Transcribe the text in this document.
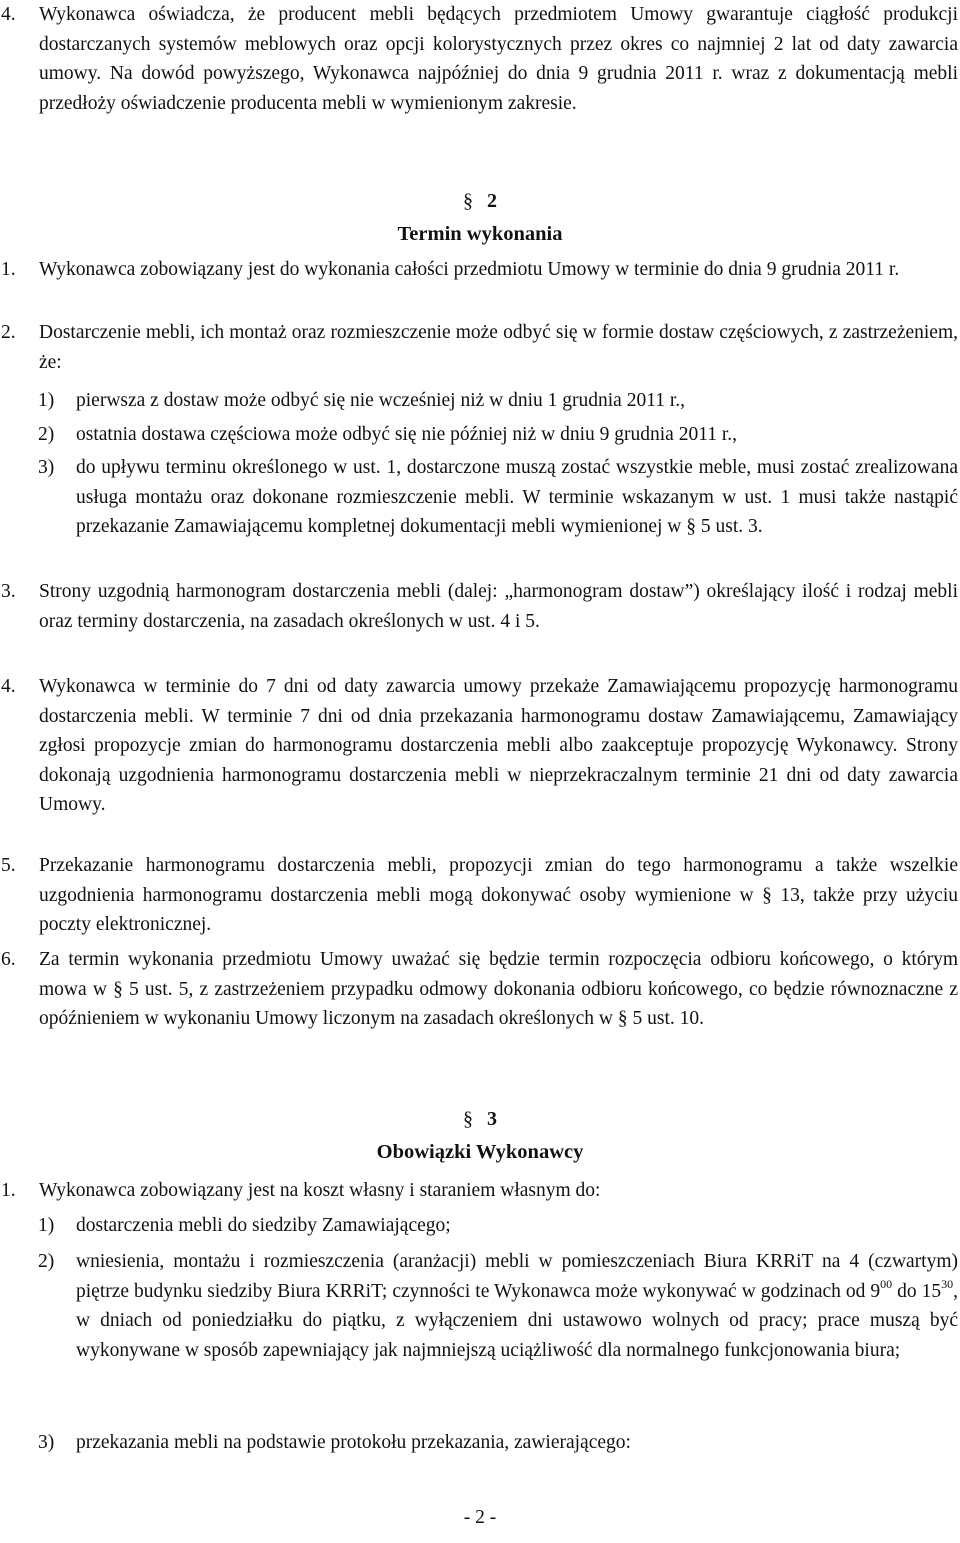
4.	Wykonawca oświadcza, że producent mebli będących przedmiotem Umowy gwarantuje ciągłość produkcji dostarczanych systemów meblowych oraz opcji kolorystycznych przez okres co najmniej 2 lat od daty zawarcia umowy. Na dowód powyższego, Wykonawca najpóźniej do dnia 9 grudnia 2011 r. wraz z dokumentacją mebli przedłoży oświadczenie producenta mebli w wymienionym zakresie.
§ 2
Termin wykonania
1.	Wykonawca zobowiązany jest do wykonania całości przedmiotu Umowy w terminie do dnia 9 grudnia 2011 r.
2.	Dostarczenie mebli, ich montaż oraz rozmieszczenie może odbyć się w formie dostaw częściowych, z zastrzeżeniem, że:
1)	pierwsza z dostaw może odbyć się nie wcześniej niż w dniu 1 grudnia 2011 r.,
2)	ostatnia dostawa częściowa może odbyć się nie później niż w dniu 9 grudnia 2011 r.,
3)	do upływu terminu określonego w ust. 1, dostarczone muszą zostać wszystkie meble, musi zostać zrealizowana usługa montażu oraz dokonane rozmieszczenie mebli. W terminie wskazanym w ust. 1 musi także nastąpić przekazanie Zamawiającemu kompletnej dokumentacji mebli wymienionej w § 5 ust. 3.
3.	Strony uzgodnią harmonogram dostarczenia mebli (dalej: „harmonogram dostaw”) określający ilość i rodzaj mebli oraz terminy dostarczenia, na zasadach określonych w ust. 4 i 5.
4.	Wykonawca w terminie do 7 dni od daty zawarcia umowy przekaże Zamawiającemu propozycję harmonogramu dostarczenia mebli. W terminie 7 dni od dnia przekazania harmonogramu dostaw Zamawiającemu, Zamawiający zgłosi propozycje zmian do harmonogramu dostarczenia mebli albo zaakceptuje propozycję Wykonawcy. Strony dokonają uzgodnienia harmonogramu dostarczenia mebli w nieprzekraczalnym terminie 21 dni od daty zawarcia Umowy.
5.	Przekazanie harmonogramu dostarczenia mebli, propozycji zmian do tego harmonogramu a także wszelkie uzgodnienia harmonogramu dostarczenia mebli mogą dokonywać osoby wymienione w § 13, także przy użyciu poczty elektronicznej.
6.	Za termin wykonania przedmiotu Umowy uważać się będzie termin rozpoczęcia odbioru końcowego, o którym mowa w § 5 ust. 5, z zastrzeżeniem przypadku odmowy dokonania odbioru końcowego, co będzie równoznaczne z opóźnieniem w wykonaniu Umowy liczonym na zasadach określonych w § 5 ust. 10.
§ 3
Obowiązki Wykonawcy
1.	Wykonawca zobowiązany jest na koszt własny i staraniem własnym do:
1)	dostarczenia mebli do siedziby Zamawiającego;
2)	wniesienia, montażu i rozmieszczenia (aranżacji) mebli w pomieszczeniach Biura KRRiT na 4 (czwartym) piętrze budynku siedziby Biura KRRiT; czynności te Wykonawca może wykonywać w godzinach od $9^{00}$ do $15^{30}$, w dniach od poniedziałku do piątku, z wyłączeniem dni ustawowo wolnych od pracy; prace muszą być wykonywane w sposób zapewniający jak najmniejszą uciążliwość dla normalnego funkcjonowania biura;
3)	przekazania mebli na podstawie protokołu przekazania, zawierającego:
- 2 -
